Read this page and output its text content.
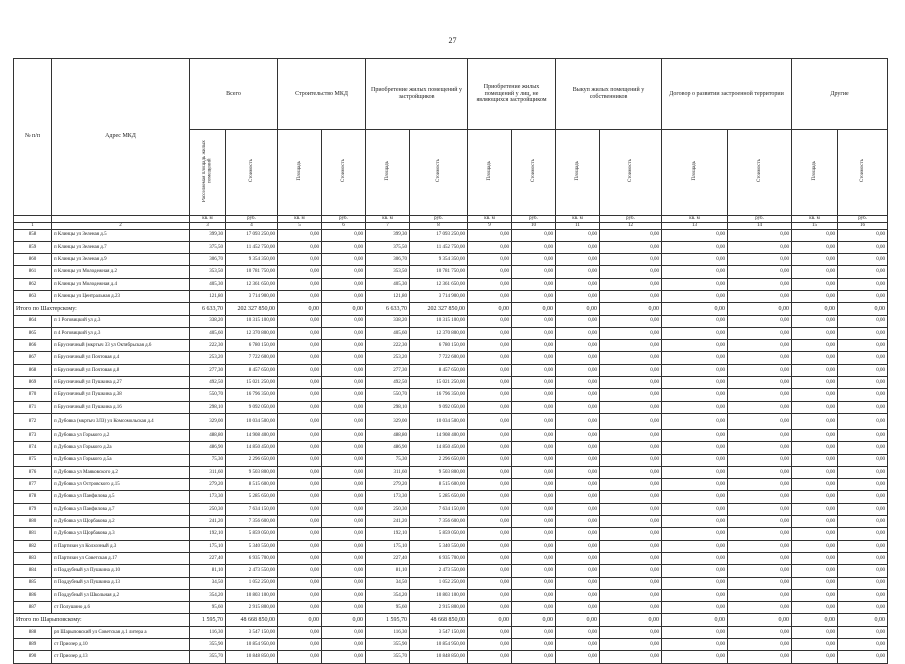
27
№ п/п	Адрес МКД	Всего		Строительство МКД		Приобретение жилых помещений у застройщиков		Приобретение жилых помещений у лиц, не являющихся застройщиком		Выкуп жилых помещений у собственников		Договор о развитии застроенной территории		Другие	
		Расселяемая площадь жилых помещений	Стоимость	Площадь	Стоимость	Площадь	Стоимость	Площадь	Стоимость	Площадь	Стоимость	Площадь	Стоимость	Площадь	Стоимость
		кв. м	руб.	кв. м	руб.	кв. м	руб.	кв. м	руб.	кв. м	руб.	кв. м	руб.	кв. м	руб.
1	2	3	4	5	6	7	8	9	10	11	12	13	14	15	16
858	п Клинцы ул Зеленая д.5	399,30	17 093 250,00	0,00	0,00	399,30	17 093 250,00	0,00	0,00	0,00	0,00	0,00	0,00	0,00	0,00
859	п Клинцы ул Зеленая д.7	375,50	11 452 750,00	0,00	0,00	375,50	11 452 750,00	0,00	0,00	0,00	0,00	0,00	0,00	0,00	0,00
860	п Клинцы ул Зеленая д.9	306,70	9 354 350,00	0,00	0,00	306,70	9 354 350,00	0,00	0,00	0,00	0,00	0,00	0,00	0,00	0,00
861	п Клинцы ул Молодежная д.2	353,50	10 781 750,00	0,00	0,00	353,50	10 781 750,00	0,00	0,00	0,00	0,00	0,00	0,00	0,00	0,00
862	п Клинцы ул Молодежная д.4	405,30	12 361 650,00	0,00	0,00	405,30	12 361 650,00	0,00	0,00	0,00	0,00	0,00	0,00	0,00	0,00
863	п Клинцы ул Центральная д.23	121,80	3 714 900,00	0,00	0,00	121,80	3 714 900,00	0,00	0,00	0,00	0,00	0,00	0,00	0,00	0,00
Итого по Шахтерскому:		6 633,70	202 327 850,00	0,00	0,00	6 633,70	202 327 850,00	0,00	0,00	0,00	0,00	0,00	0,00	0,00	0,00
864	п 1 Роговицкий ул д.3	338,20	10 315 100,00	0,00	0,00	338,20	10 315 100,00	0,00	0,00	0,00	0,00	0,00	0,00	0,00	0,00
865	п 4 Роговицкий ул д.3	405,60	12 370 800,00	0,00	0,00	405,60	12 370 800,00	0,00	0,00	0,00	0,00	0,00	0,00	0,00	0,00
866	п Брусничный (мкртыч 33 ул Октябрьская д.6	222,30	6 780 150,00	0,00	0,00	222,30	6 780 150,00	0,00	0,00	0,00	0,00	0,00	0,00	0,00	0,00
867	п Брусничный ул Почтовая д.4	253,20	7 722 600,00	0,00	0,00	253,20	7 722 600,00	0,00	0,00	0,00	0,00	0,00	0,00	0,00	0,00
868	п Брусничный ул Почтовая д.8	277,30	8 457 650,00	0,00	0,00	277,30	8 457 650,00	0,00	0,00	0,00	0,00	0,00	0,00	0,00	0,00
869	п Брусничный ул Пушкина д.27	492,50	15 021 250,00	0,00	0,00	492,50	15 021 250,00	0,00	0,00	0,00	0,00	0,00	0,00	0,00	0,00
870	п Брусничный ул Пушкина д.38	550,70	16 796 350,00	0,00	0,00	550,70	16 796 350,00	0,00	0,00	0,00	0,00	0,00	0,00	0,00	0,00
871	п Брусничный ул Пушкина д.16	298,10	9 092 050,00	0,00	0,00	298,10	9 092 050,00	0,00	0,00	0,00	0,00	0,00	0,00	0,00	0,00
872	п Дубовка (мкртыч 3ЛЗ) ул Комсомольская д.4	329,00	10 034 500,00	0,00	0,00	329,00	10 034 500,00	0,00	0,00	0,00	0,00	0,00	0,00	0,00	0,00
873	п Дубовка ул Горького д.2	488,80	14 908 400,00	0,00	0,00	488,80	14 908 400,00	0,00	0,00	0,00	0,00	0,00	0,00	0,00	0,00
874	п Дубовка ул Горького д.2а	486,90	14 850 450,00	0,00	0,00	486,90	14 850 450,00	0,00	0,00	0,00	0,00	0,00	0,00	0,00	0,00
875	п Дубовка ул Горького д.5а	75,30	2 296 650,00	0,00	0,00	75,30	2 296 650,00	0,00	0,00	0,00	0,00	0,00	0,00	0,00	0,00
876	п Дубовка ул Маяковского д.2	311,60	9 503 800,00	0,00	0,00	311,60	9 503 800,00	0,00	0,00	0,00	0,00	0,00	0,00	0,00	0,00
877	п Дубовка ул Островского д.15	279,20	8 515 600,00	0,00	0,00	279,20	8 515 600,00	0,00	0,00	0,00	0,00	0,00	0,00	0,00	0,00
878	п Дубовка ул Панфилова д.5	173,30	5 285 650,00	0,00	0,00	173,30	5 285 650,00	0,00	0,00	0,00	0,00	0,00	0,00	0,00	0,00
879	п Дубовка ул Панфилова д.7	250,30	7 634 150,00	0,00	0,00	250,30	7 634 150,00	0,00	0,00	0,00	0,00	0,00	0,00	0,00	0,00
880	п Дубовка ул Щорбакова д.2	241,20	7 356 600,00	0,00	0,00	241,20	7 356 600,00	0,00	0,00	0,00	0,00	0,00	0,00	0,00	0,00
881	п Дубовка ул Щорбакова д.3	192,10	5 859 050,00	0,00	0,00	192,10	5 859 050,00	0,00	0,00	0,00	0,00	0,00	0,00	0,00	0,00
882	п Партизан ул Колхозный д.3	175,10	5 340 550,00	0,00	0,00	175,10	5 340 550,00	0,00	0,00	0,00	0,00	0,00	0,00	0,00	0,00
883	п Партизан ул Советская д.17	227,40	6 935 700,00	0,00	0,00	227,40	6 935 700,00	0,00	0,00	0,00	0,00	0,00	0,00	0,00	0,00
884	п Поддубный ул Пушкина д.10	81,10	2 473 550,00	0,00	0,00	81,10	2 473 550,00	0,00	0,00	0,00	0,00	0,00	0,00	0,00	0,00
885	п Поддубный ул Пушкина д.13	34,50	1 052 250,00	0,00	0,00	34,50	1 052 250,00	0,00	0,00	0,00	0,00	0,00	0,00	0,00	0,00
886	п Поддубный ул Школьная д.2	354,20	10 803 100,00	0,00	0,00	354,20	10 803 100,00	0,00	0,00	0,00	0,00	0,00	0,00	0,00	0,00
887	ст Полушино д.6	95,60	2 915 800,00	0,00	0,00	95,60	2 915 800,00	0,00	0,00	0,00	0,00	0,00	0,00	0,00	0,00
Итого по Шарыповскому:		1 595,70	48 668 850,00	0,00	0,00	1 595,70	48 668 850,00	0,00	0,00	0,00	0,00	0,00	0,00	0,00	0,00
888	рп Шарыповский ул Советская д.1 литера а	116,30	3 547 150,00	0,00	0,00	116,30	3 547 150,00	0,00	0,00	0,00	0,00	0,00	0,00	0,00	0,00
889	ст Приозер д.10	355,90	10 854 950,00	0,00	0,00	355,90	10 854 950,00	0,00	0,00	0,00	0,00	0,00	0,00	0,00	0,00
890	ст Приозер д.13	355,70	10 848 850,00	0,00	0,00	355,70	10 848 850,00	0,00	0,00	0,00	0,00	0,00	0,00	0,00	0,00
